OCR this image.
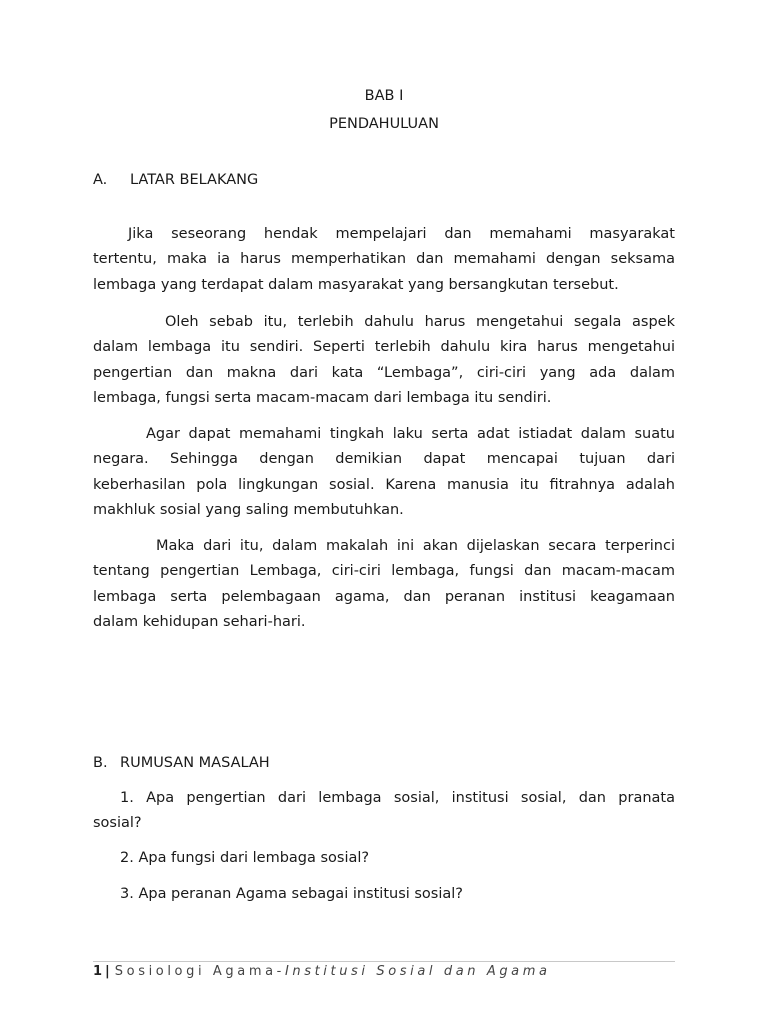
BAB I
PENDAHULUAN
A. LATAR BELAKANG
Jika seseorang hendak mempelajari dan memahami masyarakat
tertentu, maka ia harus memperhatikan dan memahami dengan seksama
lembaga yang terdapat dalam masyarakat yang bersangkutan tersebut.
Oleh sebab itu, terlebih dahulu harus mengetahui segala aspek
dalam lembaga itu sendiri. Seperti terlebih dahulu kira harus mengetahui
pengertian dan makna dari kata “Lembaga”, ciri-ciri yang ada dalam
lembaga, fungsi serta macam-macam dari lembaga itu sendiri.
Agar dapat memahami tingkah laku serta adat istiadat dalam suatu
negara. Sehingga dengan demikian dapat mencapai tujuan dari
keberhasilan pola lingkungan sosial. Karena manusia itu fitrahnya adalah
makhluk sosial yang saling membutuhkan.
Maka dari itu, dalam makalah ini akan dijelaskan secara terperinci
tentang pengertian Lembaga, ciri-ciri lembaga, fungsi dan macam-macam
lembaga serta pelembagaan agama, dan peranan institusi keagamaan
dalam kehidupan sehari-hari.
B. RUMUSAN MASALAH
1. Apa pengertian dari lembaga sosial, institusi sosial, dan pranata
sosial?
2. Apa fungsi dari lembaga sosial?
3. Apa peranan Agama sebagai institusi sosial?
1 | Sosiologi Agama-Institusi Sosial dan Agama
